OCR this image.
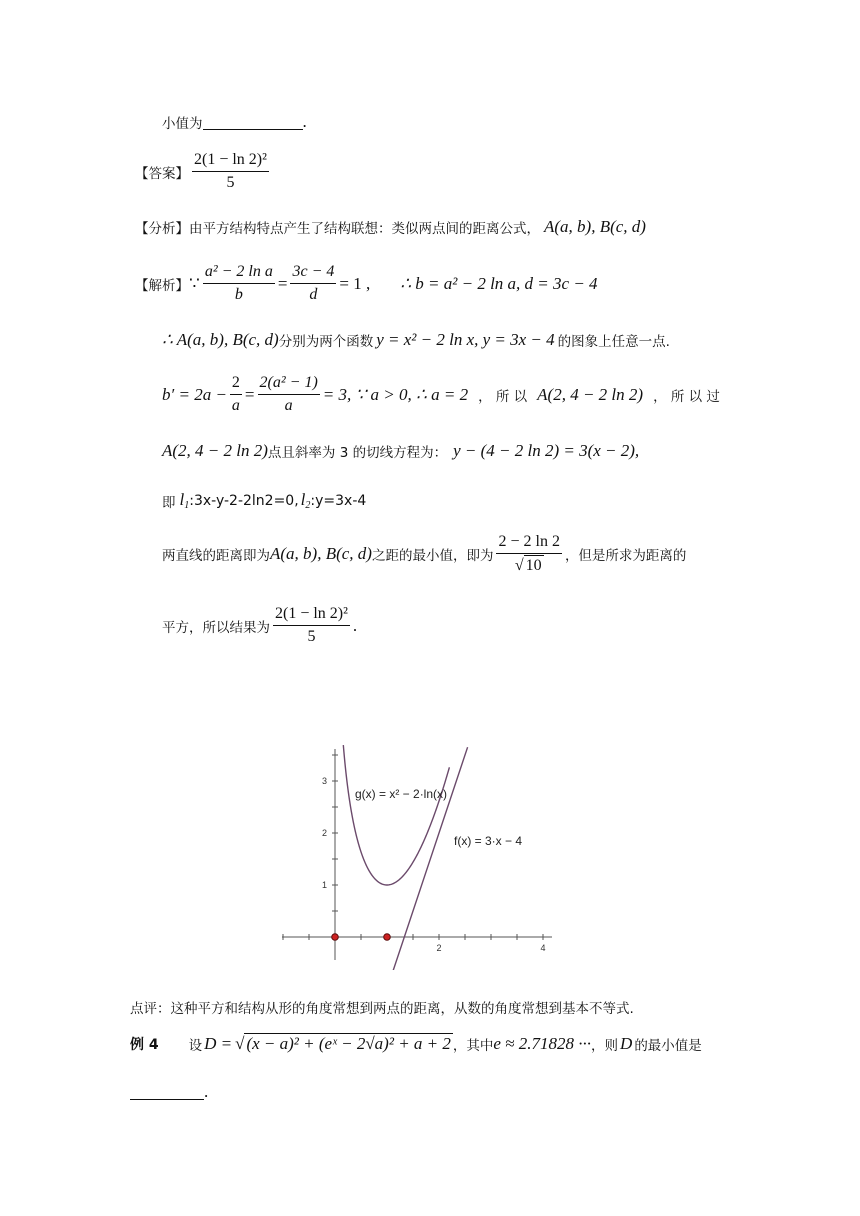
小值为	.
【答案】 $\frac{\text{2(1 − ln 2)²}}{5}$
【分析】 由平方结构特点产生了结构联想：类似两点间的距离公式， A(a, b), B(c, d)
【解析】 ∵ $\frac{\text{a² − 2 ln a}}{b} = \frac{3c - 4}{d} = 1$ , ∴ b = a² − 2 ln a, d = 3c − 4
∴ A(a, b), B(c, d) 分别为两个函数 y = x² − 2 ln x, y = 3x − 4 的图象上任意一点.
$b' = 2a - \frac{2}{a} = \frac{\text{2(a² − 1)}}{a} = 3$, ∵ a > 0, ∴ a = 2 ， 所 以 A(2, 4 − 2 ln 2) ， 所 以 过
A(2, 4 − 2 ln 2) 点且斜率为 3 的切线方程为： y − (4 − 2 ln 2) = 3(x − 2),
即 $l_1$ :3x-y-2-2ln2=0, $l_2$ :y=3x-4
两直线的距离即为 A(a, b), B(c, d) 之距的最小值，即为 $\frac{2 - 2 \ln 2}{√ 10}$ ，但是所求为距离的
平方，所以结果为 $\frac{\text{2(1 − ln 2)²}}{5}$ .
2	4
1
2
3
g(x) = x² − 2·ln(x)
f(x) = 3·x − 4
点评：这种平方和结构从形的角度常想到两点的距离，从数的角度常想到基本不等式.
例 4 设 D = √ (x − a)² + (eˣ − 2√a)² + a + 2 ，其中 e ≈ 2.71828 ··· ，则 D 的最小值是
.
